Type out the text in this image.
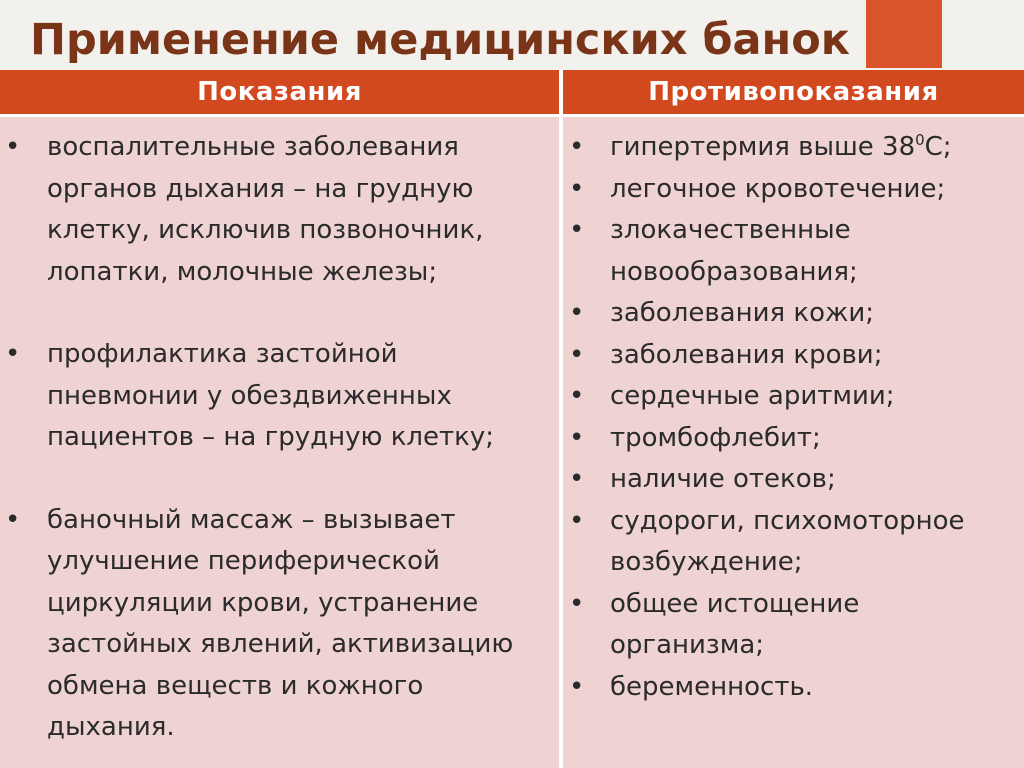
Применение медицинских банок
Показания	Противопоказания
• воспалительные заболевания органов дыхания – на грудную клетку, исключив позвоночник, лопатки, молочные железы;
• профилактика застойной пневмонии у обездвиженных пациентов – на грудную клетку;
• баночный массаж – вызывает улучшение периферической циркуляции крови, устранение застойных явлений, активизацию обмена веществ и кожного дыхания.
• гипертермия выше $38^0С$;
• легочное кровотечение;
• злокачественные новообразования;
• заболевания кожи;
• заболевания крови;
• сердечные аритмии;
• тромбофлебит;
• наличие отеков;
• судороги, психомоторное возбуждение;
• общее истощение организма;
• беременность.
